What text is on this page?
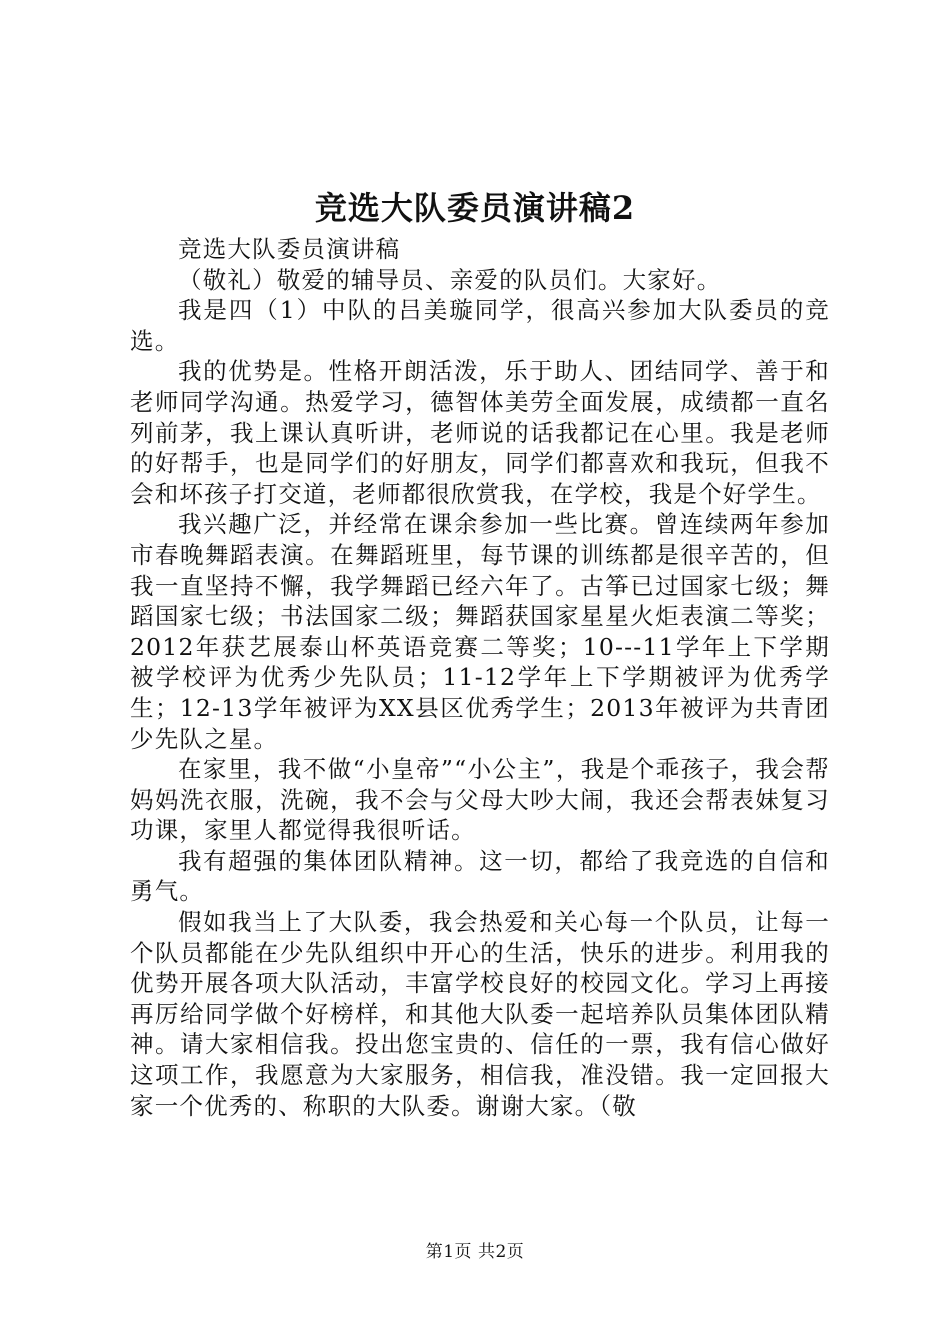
竞选大队委员演讲稿2

竞选大队委员演讲稿

（敬礼）敬爱的辅导员、亲爱的队员们。大家好。

我是四（1）中队的吕美璇同学，很高兴参加大队委员的竞选。

我的优势是。性格开朗活泼，乐于助人、团结同学、善于和老师同学沟通。热爱学习，德智体美劳全面发展，成绩都一直名列前茅，我上课认真听讲，老师说的话我都记在心里。我是老师的好帮手，也是同学们的好朋友，同学们都喜欢和我玩，但我不会和坏孩子打交道，老师都很欣赏我，在学校，我是个好学生。

我兴趣广泛，并经常在课余参加一些比赛。曾连续两年参加市春晚舞蹈表演。在舞蹈班里，每节课的训练都是很辛苦的，但我一直坚持不懈，我学舞蹈已经六年了。古筝已过国家七级；舞蹈国家七级；书法国家二级；舞蹈获国家星星火炬表演二等奖；2012年获艺展泰山杯英语竞赛二等奖；10---11学年上下学期被学校评为优秀少先队员；11-12学年上下学期被评为优秀学生；12-13学年被评为XX县区优秀学生；2013年被评为共青团少先队之星。

在家里，我不做“小皇帝”“小公主”，我是个乖孩子，我会帮妈妈洗衣服，洗碗，我不会与父母大吵大闹，我还会帮表妹复习功课，家里人都觉得我很听话。

我有超强的集体团队精神。这一切，都给了我竞选的自信和勇气。

假如我当上了大队委，我会热爱和关心每一个队员，让每一个队员都能在少先队组织中开心的生活，快乐的进步。利用我的优势开展各项大队活动，丰富学校良好的校园文化。学习上再接再厉给同学做个好榜样，和其他大队委一起培养队员集体团队精神。请大家相信我。投出您宝贵的、信任的一票，我有信心做好这项工作，我愿意为大家服务，相信我，准没错。我一定回报大家一个优秀的、称职的大队委。谢谢大家。（敬

第1页 共2页
